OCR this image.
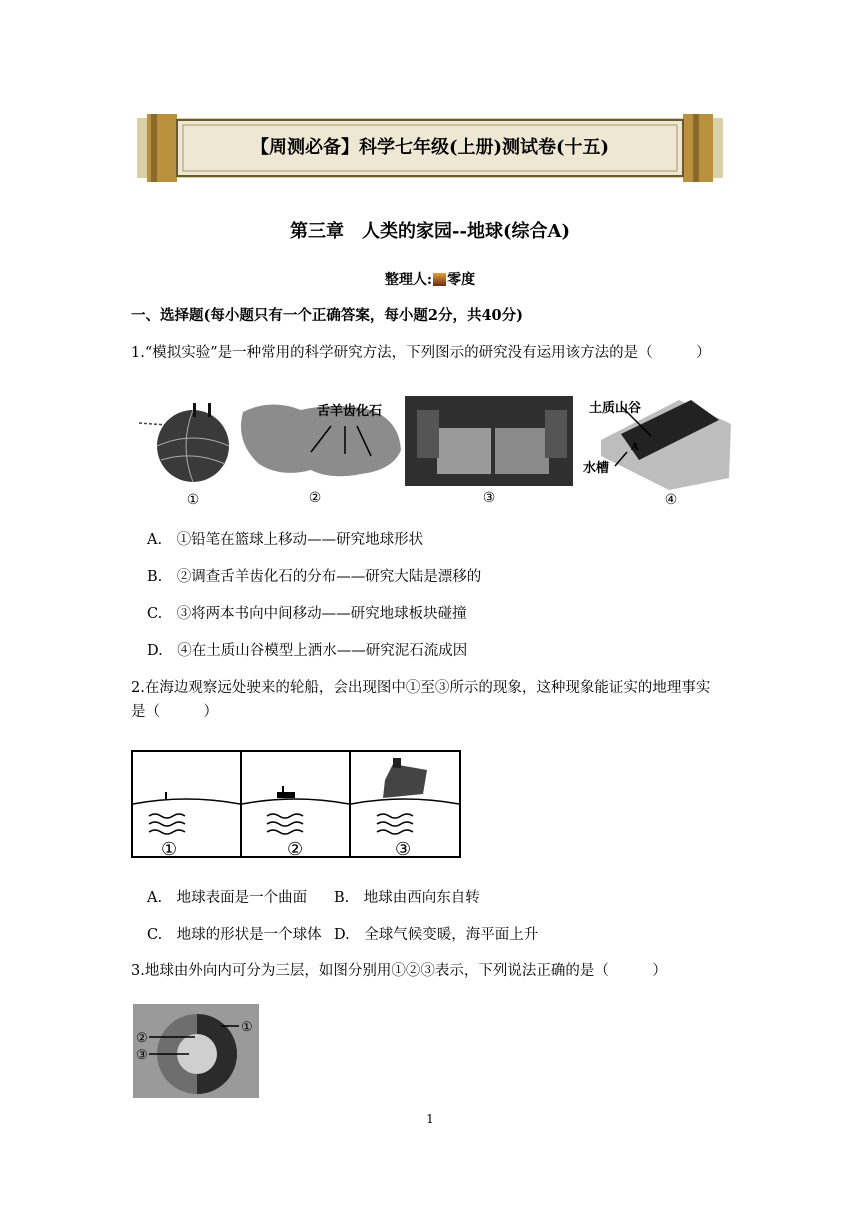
【周测必备】科学七年级(上册)测试卷(十五)
第三章　人类的家园--地球(综合A)
整理人: 零度
一、选择题(每小题只有一个正确答案，每小题2分，共40分)
1.“模拟实验”是一种常用的科学研究方法，下列图示的研究没有运用该方法的是（　　　）
①	②
舌羊齿化石
③
土质山谷
A
水槽
④
A.　①铅笔在篮球上移动——研究地球形状
B.　②调查舌羊齿化石的分布——研究大陆是漂移的
C.　③将两本书向中间移动——研究地球板块碰撞
D.　④在土质山谷模型上洒水——研究泥石流成因
2.在海边观察远处驶来的轮船，会出现图中①至③所示的现象，这种现象能证实的地理事实
是（　　　）
①	②	③
A.　地球表面是一个曲面 B.　地球由西向东自转
C.　地球的形状是一个球体 D.　全球气候变暖，海平面上升
3.地球由外向内可分为三层，如图分别用①②③表示，下列说法正确的是（　　　）
①
②
③
1
